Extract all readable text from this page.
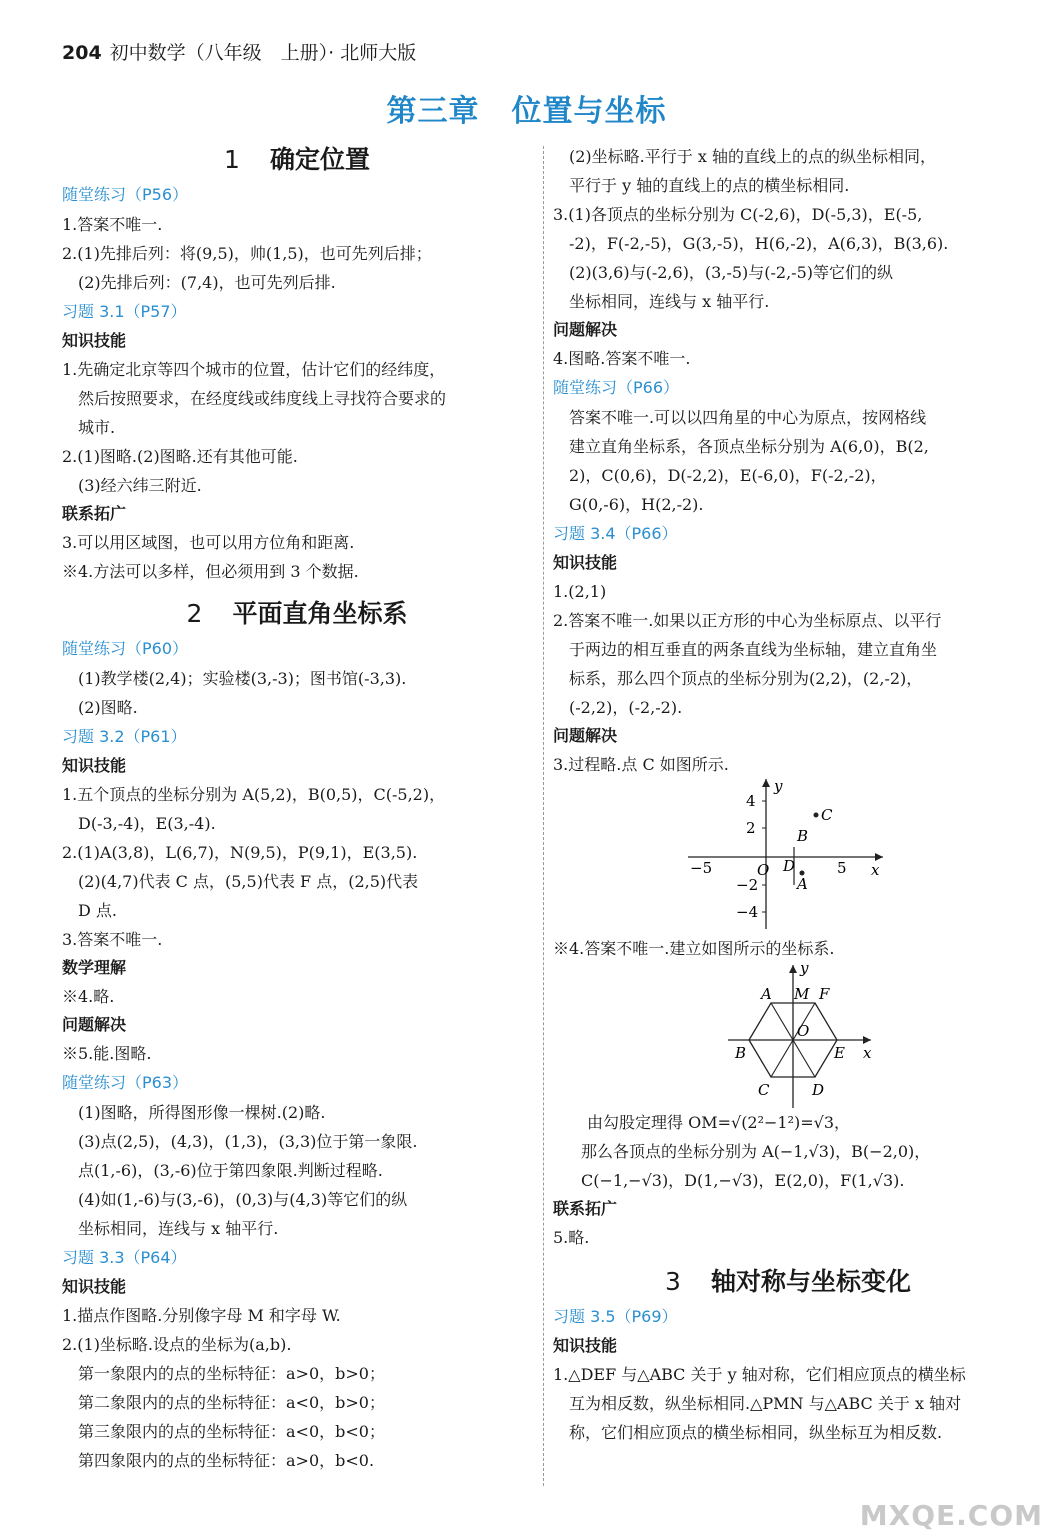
204 初中数学（八年级　上册）· 北师大版
第三章 位置与坐标
1 确定位置
随堂练习（P56）
1.答案不唯一.
2.(1)先排后列：将(9,5)，帅(1,5)，也可先列后排；
(2)先排后列：(7,4)，也可先列后排.
习题 3.1（P57）
知识技能
1.先确定北京等四个城市的位置，估计它们的经纬度，
然后按照要求，在经度线或纬度线上寻找符合要求的
城市.
2.(1)图略.(2)图略.还有其他可能.
(3)经六纬三附近.
联系拓广
3.可以用区域图，也可以用方位角和距离.
※4.方法可以多样，但必须用到 3 个数据.
2 平面直角坐标系
随堂练习（P60）
(1)教学楼(2,4)；实验楼(3,-3)；图书馆(-3,3).
(2)图略.
习题 3.2（P61）
知识技能
1.五个顶点的坐标分别为 A(5,2)，B(0,5)，C(-5,2)，
D(-3,-4)，E(3,-4).
2.(1)A(3,8)，L(6,7)，N(9,5)，P(9,1)，E(3,5).
(2)(4,7)代表 C 点，(5,5)代表 F 点，(2,5)代表
D 点.
3.答案不唯一.
数学理解
※4.略.
问题解决
※5.能.图略.
随堂练习（P63）
(1)图略，所得图形像一棵树.(2)略.
(3)点(2,5)，(4,3)，(1,3)，(3,3)位于第一象限.
点(1,-6)，(3,-6)位于第四象限.判断过程略.
(4)如(1,-6)与(3,-6)，(0,3)与(4,3)等它们的纵
坐标相同，连线与 x 轴平行.
习题 3.3（P64）
知识技能
1.描点作图略.分别像字母 M 和字母 W.
2.(1)坐标略.设点的坐标为(a,b).
第一象限内的点的坐标特征：a>0，b>0；
第二象限内的点的坐标特征：a<0，b>0；
第三象限内的点的坐标特征：a<0，b<0；
第四象限内的点的坐标特征：a>0，b<0.
(2)坐标略.平行于 x 轴的直线上的点的纵坐标相同，
平行于 y 轴的直线上的点的横坐标相同.
3.(1)各顶点的坐标分别为 C(-2,6)，D(-5,3)，E(-5,
-2)，F(-2,-5)，G(3,-5)，H(6,-2)，A(6,3)，B(3,6).
(2)(3,6)与(-2,6)，(3,-5)与(-2,-5)等它们的纵
坐标相同，连线与 x 轴平行.
问题解决
4.图略.答案不唯一.
随堂练习（P66）
答案不唯一.可以以四角星的中心为原点，按网格线
建立直角坐标系，各顶点坐标分别为 A(6,0)，B(2,
2)，C(0,6)，D(-2,2)，E(-6,0)，F(-2,-2)，
G(0,-6)，H(2,-2).
习题 3.4（P66）
知识技能
1.(2,1)
2.答案不唯一.如果以正方形的中心为坐标原点、以平行
于两边的相互垂直的两条直线为坐标轴，建立直角坐
标系，那么四个顶点的坐标分别为(2,2)，(2,-2)，
(-2,2)，(-2,-2).
问题解决
3.过程略.点 C 如图所示.
y
x
O
4
2
−2
−4
−5	5
C
B
D
A
※4.答案不唯一.建立如图所示的坐标系.
y
x
A M F
O
B	E
C	D
由勾股定理得 OM=√(2²−1²)=√3，
那么各顶点的坐标分别为 A(−1,√3)，B(−2,0)，
C(−1,−√3)，D(1,−√3)，E(2,0)，F(1,√3).
联系拓广
5.略.
3 轴对称与坐标变化
习题 3.5（P69）
知识技能
1.△DEF 与△ABC 关于 y 轴对称，它们相应顶点的横坐标
互为相反数，纵坐标相同.△PMN 与△ABC 关于 x 轴对
称，它们相应顶点的横坐标相同，纵坐标互为相反数.
MXQE.COM
